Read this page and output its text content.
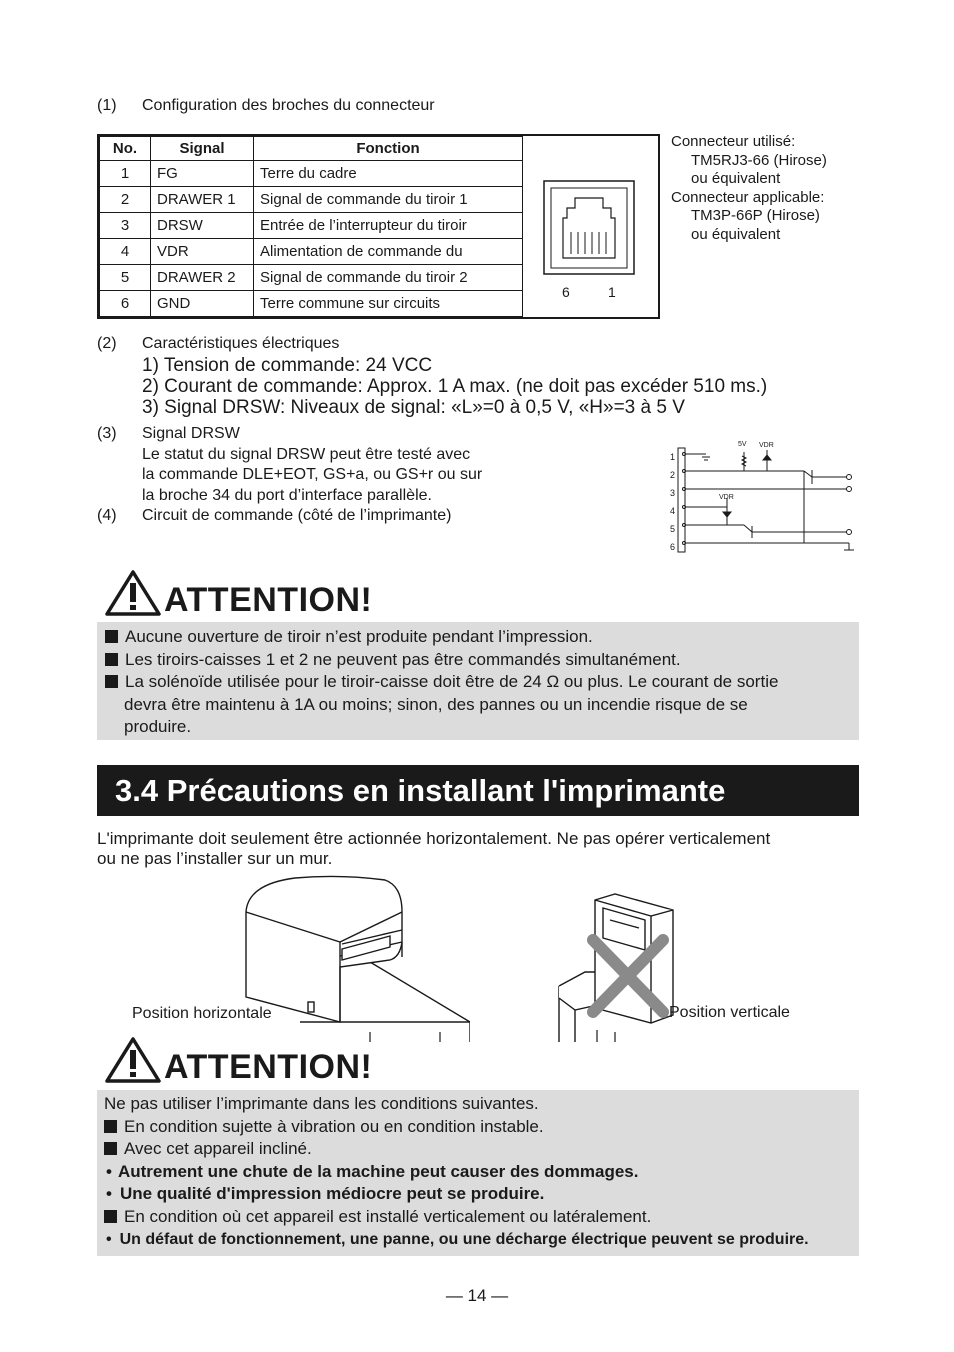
(1) Configuration des broches du connecteur
No.	Signal	Fonction
1	FG	Terre du cadre
2	DRAWER 1	Signal de commande du tiroir 1
3	DRSW	Entrée de l’interrupteur du tiroir
4	VDR	Alimentation de commande du
5	DRAWER 2	Signal de commande du tiroir 2
6	GND	Terre commune sur circuits
6	1
Connecteur utilisé:
TM5RJ3-66 (Hirose)
ou équivalent
Connecteur applicable:
TM3P-66P (Hirose)
ou équivalent
(2) Caractéristiques électriques
1) Tension de commande: 24 VCC
2) Courant de commande: Approx. 1 A max. (ne doit pas excéder 510 ms.)
3) Signal DRSW: Niveaux de signal: «L»=0 à 0,5 V, «H»=3 à 5 V
(3) Signal DRSW
Le statut du signal DRSW peut être testé avec
la commande DLE+EOT, GS+a, ou GS+r ou sur
la broche 34 du port d’interface parallèle.
(4) Circuit de commande (côté de l’imprimante)
1
2
3
4
5
6
5V VDR
VDR
ATTENTION!

Aucune ouverture de tiroir n’est produite pendant l’impression.

Les tiroirs-caisses 1 et 2 ne peuvent pas être commandés simultanément.

La solénoïde utilisée pour le tiroir-caisse doit être de 24 Ω ou plus. Le courant de sortie

devra être maintenu à 1A ou moins; sinon, des pannes ou un incendie risque de se

produire.

3.4 Précautions en installant l'imprimante
L'imprimante doit seulement être actionnée horizontalement. Ne pas opérer verticalement
ou ne pas l’installer sur un mur.
Position horizontale	Position verticale
ATTENTION!

Ne pas utiliser l’imprimante dans les conditions suivantes.

En condition sujette à vibration ou en condition instable.

Avec cet appareil incliné.

• Autrement une chute de la machine peut causer des dommages.

• Une qualité d'impression médiocre peut se produire.

En condition où cet appareil est installé verticalement ou latéralement.

• Un défaut de fonctionnement, une panne, ou une décharge électrique peuvent se produire.

— 14 —
